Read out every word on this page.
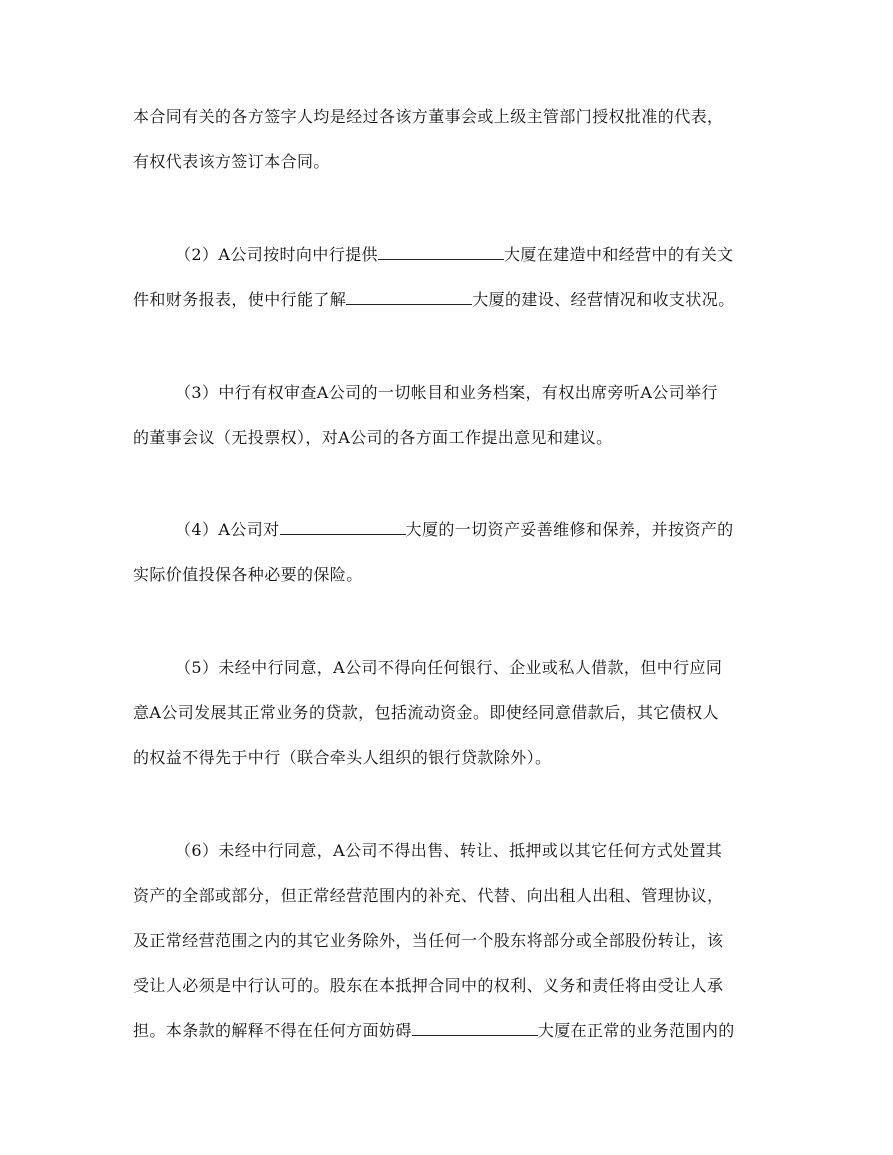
本合同有关的各方签字人均是经过各该方董事会或上级主管部门授权批准的代表，
有权代表该方签订本合同。
（2）A公司按时向中行提供	大厦在建造中和经营中的有关文
件和财务报表，使中行能了解	大厦的建设、经营情况和收支状况。
（3）中行有权审查A公司的一切帐目和业务档案，有权出席旁听A公司举行
的董事会议（无投票权），对A公司的各方面工作提出意见和建议。
（4）A公司对	大厦的一切资产妥善维修和保养，并按资产的
实际价值投保各种必要的保险。
（5）未经中行同意，A公司不得向任何银行、企业或私人借款，但中行应同
意A公司发展其正常业务的贷款，包括流动资金。即使经同意借款后，其它债权人
的权益不得先于中行（联合牵头人组织的银行贷款除外）。
（6）未经中行同意，A公司不得出售、转让、抵押或以其它任何方式处置其
资产的全部或部分，但正常经营范围内的补充、代替、向出租人出租、管理协议，
及正常经营范围之内的其它业务除外，当任何一个股东将部分或全部股份转让，该
受让人必须是中行认可的。股东在本抵押合同中的权利、义务和责任将由受让人承
担。本条款的解释不得在任何方面妨碍	大厦在正常的业务范围内的
